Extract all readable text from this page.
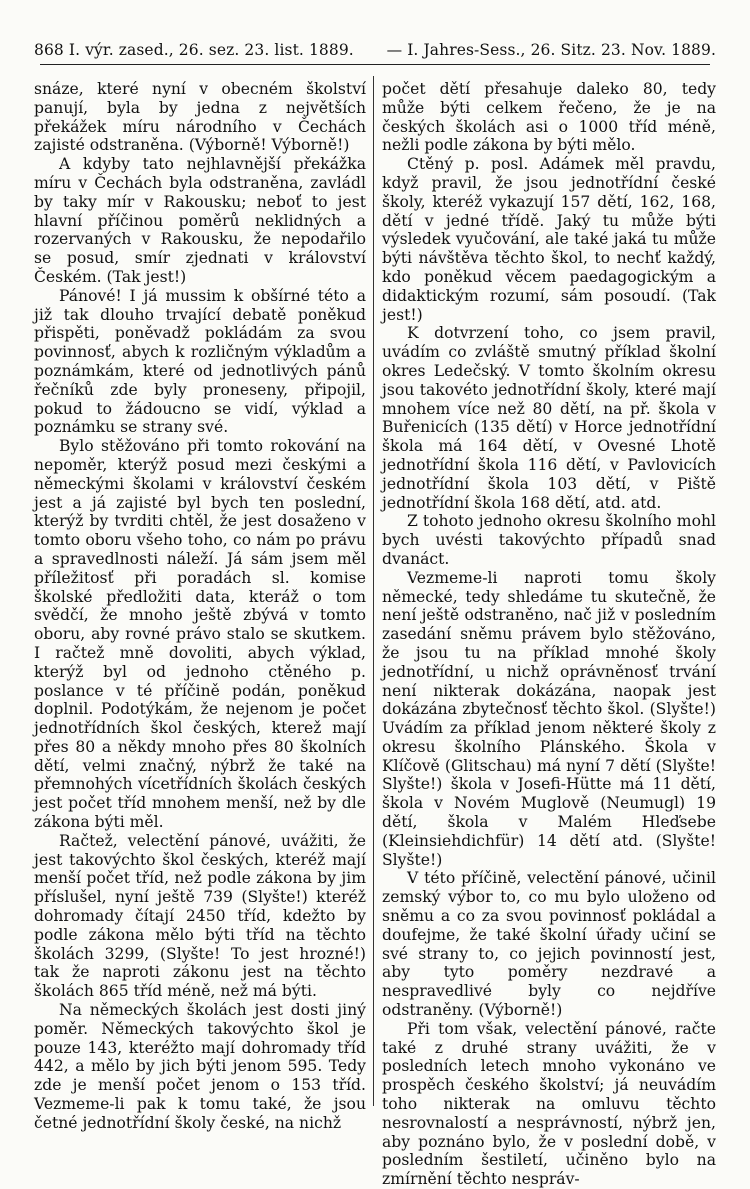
868 I. výr. zased., 26. sez. 23. list. 1889. — I. Jahres-Sess., 26. Sitz. 23. Nov. 1889.

snáze, které nyní v obecném školství panují, byla by jedna z největších překážek míru národního v Čechách zajisté odstraněna. (Výborně! Výborně!)

A kdyby tato nejhlavnější překážka míru v Čechách byla odstraněna, zavládl by taky mír v Rakousku; neboť to jest hlavní příčinou poměrů neklidných a rozervaných v Rakousku, že nepodařilo se posud, smír zjednati v království Českém. (Tak jest!)

Pánové! I já mussim k obšírné této a již tak dlouho trvající debatě poněkud přispěti, poněvadž pokládám za svou povinnosť, abych k rozličným výkladům a poznámkám, které od jednotlivých pánů řečníků zde byly proneseny, připojil, pokud to žádoucno se vidí, výklad a poznámku se strany své.

Bylo stěžováno při tomto rokování na nepoměr, kterýž posud mezi českými a německými školami v království českém jest a já zajisté byl bych ten poslední, kterýž by tvrditi chtěl, že jest dosaženo v tomto oboru všeho toho, co nám po právu a spravedlnosti náleží. Já sám jsem měl příležitosť při poradách sl. komise školské předložiti data, kteráž o tom svědčí, že mnoho ještě zbývá v tomto oboru, aby rovné právo stalo se skutkem. I račtež mně dovoliti, abych výklad, kterýž byl od jednoho ctěného p. poslance v té příčině podán, poněkud doplnil. Podotýkám, že nejenom je počet jednotřídních škol českých, kterež mají přes 80 a někdy mnoho přes 80 školních dětí, velmi značný, nýbrž že také na přemnohých vícetřídních školách českých jest počet tříd mnohem menší, než by dle zákona býti měl.

Račtež, velectění pánové, uvážiti, že jest takovýchto škol českých, kteréž mají menší počet tříd, než podle zákona by jim příslušel, nyní ještě 739 (Slyšte!) kteréž dohromady čítají 2450 tříd, kdežto by podle zákona mělo býti tříd na těchto školách 3299, (Slyšte! To jest hrozné!) tak že naproti zákonu jest na těchto školách 865 tříd méně, než má býti.

Na německých školách jest dosti jiný poměr. Německých takovýchto škol je pouze 143, kteréžto mají dohromady tříd 442, a mělo by jich býti jenom 595. Tedy zde je menší počet jenom o 153 tříd. Vezmeme-li pak k tomu také, že jsou četné jednotřídní školy české, na nichž

počet dětí přesahuje daleko 80, tedy může býti celkem řečeno, že je na českých školách asi o 1000 tříd méně, nežli podle zákona by býti mělo.

Ctěný p. posl. Adámek měl pravdu, když pravil, že jsou jednotřídní české školy, kteréž vykazují 157 dětí, 162, 168, dětí v jedné třídě. Jaký tu může býti výsledek vyučování, ale také jaká tu může býti návštěva těchto škol, to nechť každý, kdo poněkud věcem paedagogickým a didaktickým rozumí, sám posoudí. (Tak jest!)

K dotvrzení toho, co jsem pravil, uvádím co zvláště smutný příklad školní okres Ledečský. V tomto školním okresu jsou takovéto jednotřídní školy, které mají mnohem více než 80 dětí, na př. škola v Buřenicích (135 dětí) v Horce jednotřídní škola má 164 dětí, v Ovesné Lhotě jednotřídní škola 116 dětí, v Pavlovicích jednotřídní škola 103 dětí, v Piště jednotřídní škola 168 dětí, atd. atd.

Z tohoto jednoho okresu školního mohl bych uvésti takovýchto případů snad dvanáct.

Vezmeme-li naproti tomu školy německé, tedy shledáme tu skutečně, že není ještě odstraněno, nač již v posledním zasedání sněmu právem bylo stěžováno, že jsou tu na příklad mnohé školy jednotřídní, u nichž oprávněnosť trvání není nikterak dokázána, naopak jest dokázána zbytečnosť těchto škol. (Slyšte!) Uvádím za příklad jenom některé školy z okresu školního Plánského. Škola v Klíčově (Glitschau) má nyní 7 dětí (Slyšte! Slyšte!) škola v Josefi-Hütte má 11 dětí, škola v Novém Muglově (Neumugl) 19 dětí, škola v Malém Hleďsebe (Kleinsiehdichfür) 14 dětí atd. (Slyšte! Slyšte!)

V této příčině, velectění pánové, učinil zemský výbor to, co mu bylo uloženo od sněmu a co za svou povinnosť pokládal a doufejme, že také školní úřady učiní se své strany to, co jejich povinností jest, aby tyto poměry nezdravé a nespravedlivé byly co nejdříve odstraněny. (Výborně!)

Při tom však, velectění pánové, račte také z druhé strany uvážiti, že v posledních letech mnoho vykonáno ve prospěch českého školství; já neuvádím toho nikterak na omluvu těchto nesrovnalostí a nesprávností, nýbrž jen, aby poznáno bylo, že v poslední době, v posledním šestiletí, učiněno bylo na zmírnění těchto nespráv-
